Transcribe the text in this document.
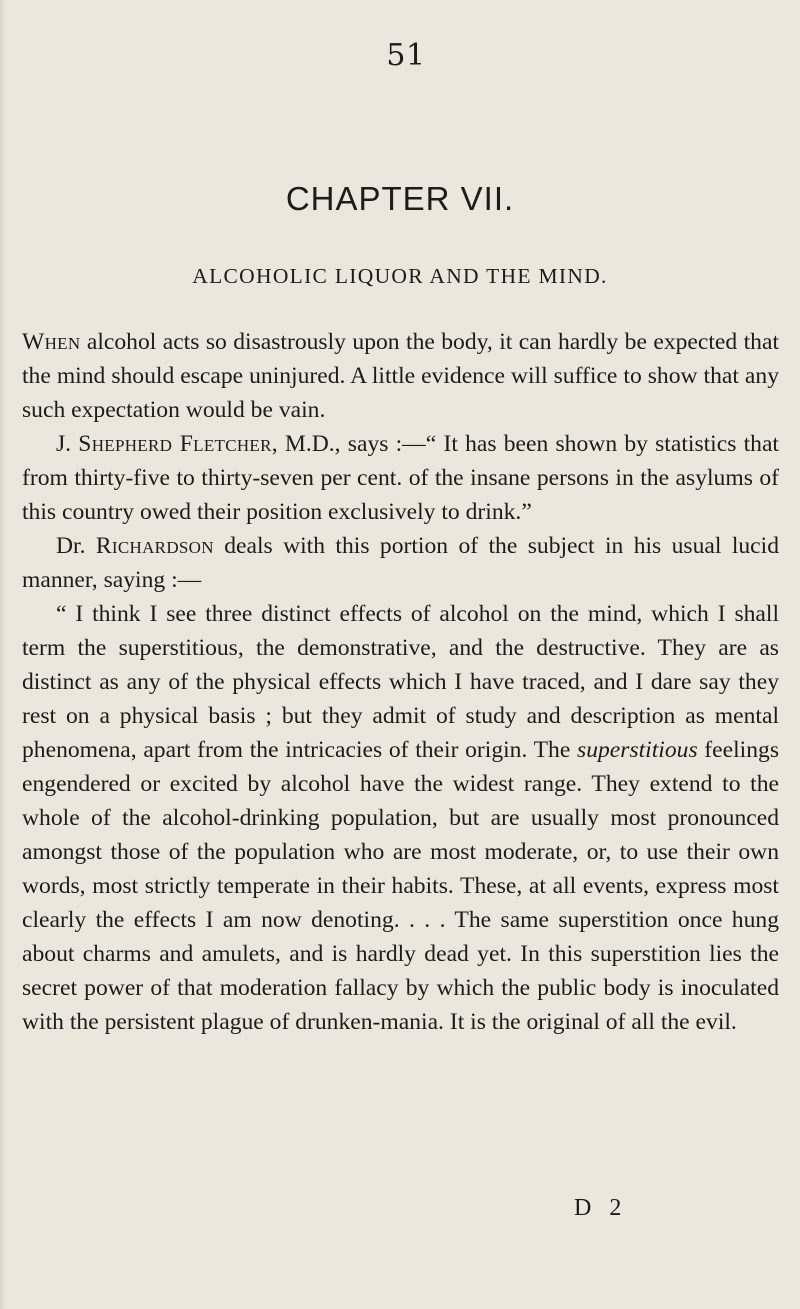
51
CHAPTER VII.
ALCOHOLIC LIQUOR AND THE MIND.

When alcohol acts so disastrously upon the body, it can hardly be expected that the mind should escape uninjured. A little evidence will suffice to show that any such expectation would be vain.

J. Shepherd Fletcher, M.D., says :—“ It has been shown by statistics that from thirty-five to thirty-seven per cent. of the insane persons in the asylums of this country owed their position exclusively to drink.”

Dr. Richardson deals with this portion of the subject in his usual lucid manner, saying :—

“ I think I see three distinct effects of alcohol on the mind, which I shall term the superstitious, the demonstrative, and the destructive. They are as distinct as any of the physical effects which I have traced, and I dare say they rest on a physical basis ; but they admit of study and description as mental phenomena, apart from the intricacies of their origin. The superstitious feelings engendered or excited by alcohol have the widest range. They extend to the whole of the alcohol-drinking population, but are usually most pronounced amongst those of the population who are most moderate, or, to use their own words, most strictly temperate in their habits. These, at all events, express most clearly the effects I am now denoting. . . . The same superstition once hung about charms and amulets, and is hardly dead yet. In this superstition lies the secret power of that moderation fallacy by which the public body is inoculated with the persistent plague of drunken-mania. It is the original of all the evil.

D 2
